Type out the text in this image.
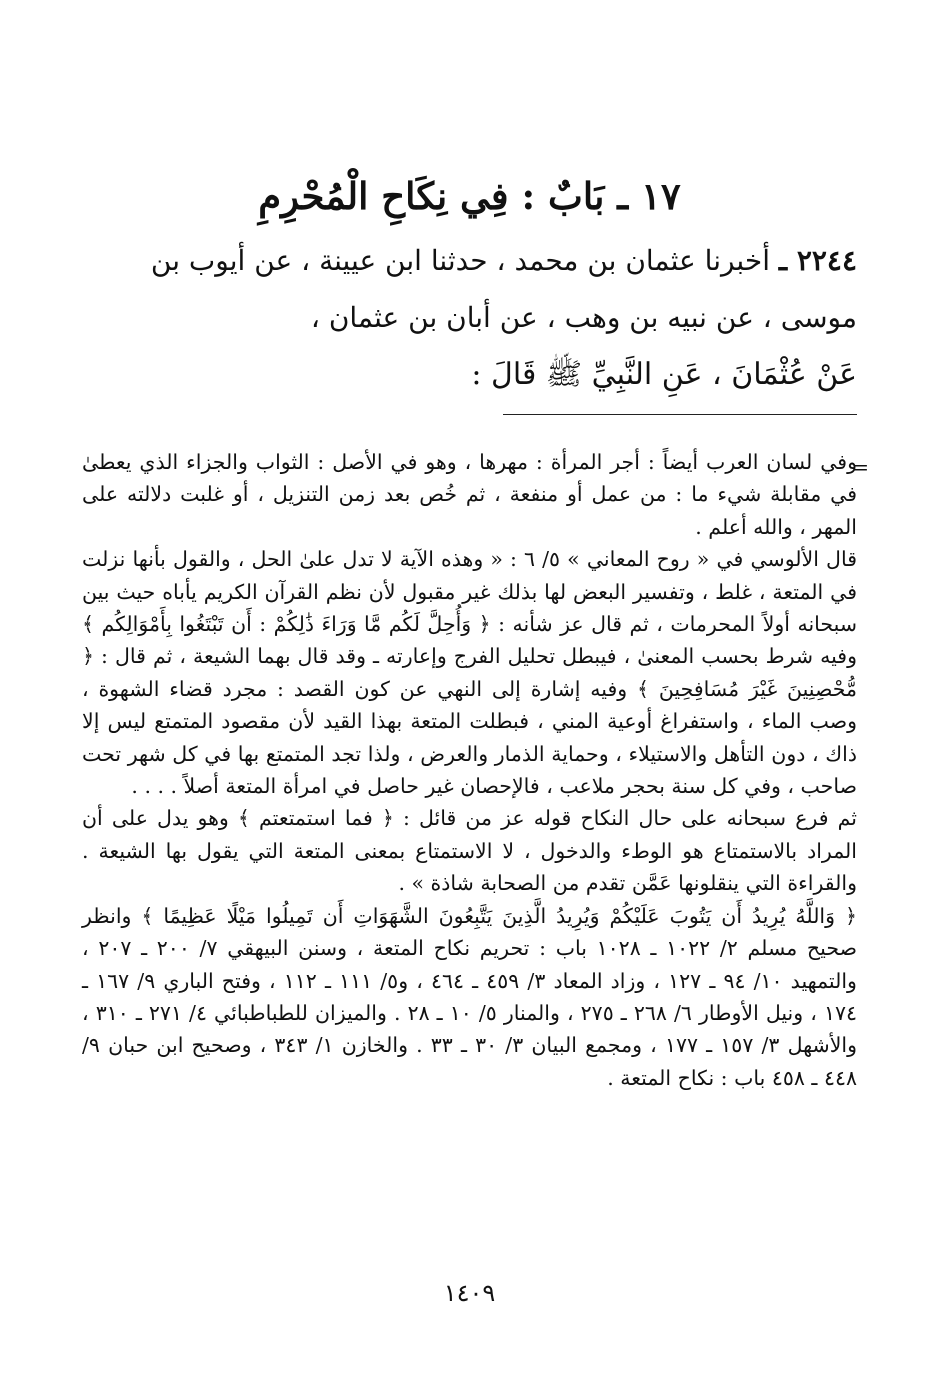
١٧ ـ بَابٌ : فِي نِكَاحِ الْمُحْرِمِ

٢٢٤٤ ـ أخبرنا عثمان بن محمد ، حدثنا ابن عيينة ، عن أيوب بن

موسى ، عن نبيه بن وهب ، عن أبان بن عثمان ،

عَنْ عُثْمَانَ ، عَنِ النَّبِيِّ ﷺ قَالَ :

=

وفي لسان العرب أيضاً : أجر المرأة : مهرها ، وهو في الأصل : الثواب والجزاء الذي يعطىٰ في مقابلة شيء ما : من عمل أو منفعة ، ثم خُص بعد زمن التنزيل ، أو غلبت دلالته على المهر ، والله أعلم .

قال الألوسي في « روح المعاني » ٥/ ٦ : « وهذه الآية لا تدل علىٰ الحل ، والقول بأنها نزلت في المتعة ، غلط ، وتفسير البعض لها بذلك غير مقبول لأن نظم القرآن الكريم يأباه حيث بين سبحانه أولاً المحرمات ، ثم قال عز شأنه : ﴿ وَأُحِلَّ لَكُم مَّا وَرَاءَ ذَٰلِكُمْ : أَن تَبْتَغُوا بِأَمْوَالِكُم ﴾ وفيه شرط بحسب المعنىٰ ، فيبطل تحليل الفرج وإعارته ـ وقد قال بهما الشيعة ، ثم قال : ﴿ مُّحْصِنِينَ غَيْرَ مُسَافِحِينَ ﴾ وفيه إشارة إلى النهي عن كون القصد : مجرد قضاء الشهوة ، وصب الماء ، واستفراغ أوعية المني ، فبطلت المتعة بهذا القيد لأن مقصود المتمتع ليس إلا ذاك ، دون التأهل والاستيلاء ، وحماية الذمار والعرض ، ولذا تجد المتمتع بها في كل شهر تحت صاحب ، وفي كل سنة بحجر ملاعب ، فالإحصان غير حاصل في امرأة المتعة أصلاً . . . .

ثم فرع سبحانه على حال النكاح قوله عز من قائل : ﴿ فما استمتعتم ﴾ وهو يدل على أن المراد بالاستمتاع هو الوطء والدخول ، لا الاستمتاع بمعنى المتعة التي يقول بها الشيعة . والقراءة التي ينقلونها عَمَّن تقدم من الصحابة شاذة » .

﴿ وَاللَّهُ يُرِيدُ أَن يَتُوبَ عَلَيْكُمْ وَيُرِيدُ الَّذِينَ يَتَّبِعُونَ الشَّهَوَاتِ أَن تَمِيلُوا مَيْلًا عَظِيمًا ﴾ وانظر صحيح مسلم ٢/ ١٠٢٢ ـ ١٠٢٨ باب : تحريم نكاح المتعة ، وسنن البيهقي ٧/ ٢٠٠ ـ ٢٠٧ ، والتمهيد ١٠/ ٩٤ ـ ١٢٧ ، وزاد المعاد ٣/ ٤٥٩ ـ ٤٦٤ ، و٥/ ١١١ ـ ١١٢ ، وفتح الباري ٩/ ١٦٧ ـ ١٧٤ ، ونيل الأوطار ٦/ ٢٦٨ ـ ٢٧٥ ، والمنار ٥/ ١٠ ـ ٢٨ . والميزان للطباطبائي ٤/ ٢٧١ ـ ٣١٠ ، والأشهل ٣/ ١٥٧ ـ ١٧٧ ، ومجمع البيان ٣/ ٣٠ ـ ٣٣ . والخازن ١/ ٣٤٣ ، وصحيح ابن حبان ٩/ ٤٤٨ ـ ٤٥٨ باب : نكاح المتعة .

١٤٠٩
